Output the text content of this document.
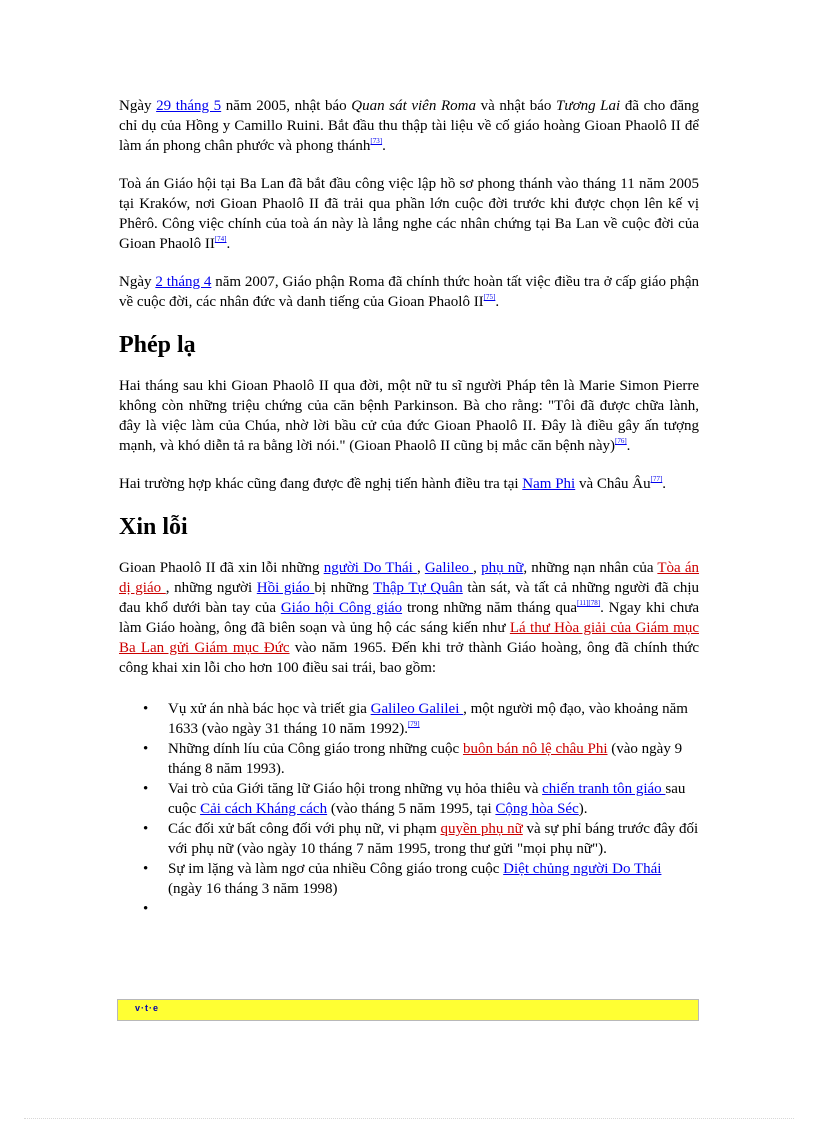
Ngày 29 tháng 5 năm 2005, nhật báo Quan sát viên Roma và nhật báo Tương Lai đã cho đăng chỉ dụ của Hồng y Camillo Ruini. Bắt đầu thu thập tài liệu về cố giáo hoàng Gioan Phaolô II để làm án phong chân phước và phong thánh[73].

Toà án Giáo hội tại Ba Lan đã bắt đầu công việc lập hồ sơ phong thánh vào tháng 11 năm 2005 tại Kraków, nơi Gioan Phaolô II đã trải qua phần lớn cuộc đời trước khi được chọn lên kế vị Phêrô. Công việc chính của toà án này là lắng nghe các nhân chứng tại Ba Lan về cuộc đời của Gioan Phaolô II[74].

Ngày 2 tháng 4 năm 2007, Giáo phận Roma đã chính thức hoàn tất việc điều tra ở cấp giáo phận về cuộc đời, các nhân đức và danh tiếng của Gioan Phaolô II[75].

Phép lạ

Hai tháng sau khi Gioan Phaolô II qua đời, một nữ tu sĩ người Pháp tên là Marie Simon Pierre không còn những triệu chứng của căn bệnh Parkinson. Bà cho rằng: "Tôi đã được chữa lành, đây là việc làm của Chúa, nhờ lời bầu cử của đức Gioan Phaolô II. Đây là điều gây ấn tượng mạnh, và khó diễn tả ra bằng lời nói." (Gioan Phaolô II cũng bị mắc căn bệnh này)[76].

Hai trường hợp khác cũng đang được đề nghị tiến hành điều tra tại Nam Phi và Châu Âu[77].

Xin lỗi

Gioan Phaolô II đã xin lỗi những người Do Thái , Galileo , phụ nữ, những nạn nhân của Tòa án dị giáo , những người Hồi giáo bị những Thập Tự Quân tàn sát, và tất cả những người đã chịu đau khổ dưới bàn tay của Giáo hội Công giáo trong những năm tháng qua[11][78]. Ngay khi chưa làm Giáo hoàng, ông đã biên soạn và ủng hộ các sáng kiến như Lá thư Hòa giải của Giám mục Ba Lan gửi Giám mục Đức vào năm 1965. Đến khi trở thành Giáo hoàng, ông đã chính thức công khai xin lỗi cho hơn 100 điều sai trái, bao gồm:

• Vụ xử án nhà bác học và triết gia Galileo Galilei , một người mộ đạo, vào khoảng năm 1633 (vào ngày 31 tháng 10 năm 1992).[79]
• Những dính líu của Công giáo trong những cuộc buôn bán nô lệ châu Phi (vào ngày 9 tháng 8 năm 1993).
• Vai trò của Giới tăng lữ Giáo hội trong những vụ hỏa thiêu và chiến tranh tôn giáo sau cuộc Cải cách Kháng cách (vào tháng 5 năm 1995, tại Cộng hòa Séc).
• Các đối xử bất công đối với phụ nữ, vi phạm quyền phụ nữ và sự phỉ báng trước đây đối với phụ nữ (vào ngày 10 tháng 7 năm 1995, trong thư gửi "mọi phụ nữ").
• Sự im lặng và làm ngơ của nhiều Công giáo trong cuộc Diệt chủng người Do Thái (ngày 16 tháng 3 năm 1998)
•

v·t·e
